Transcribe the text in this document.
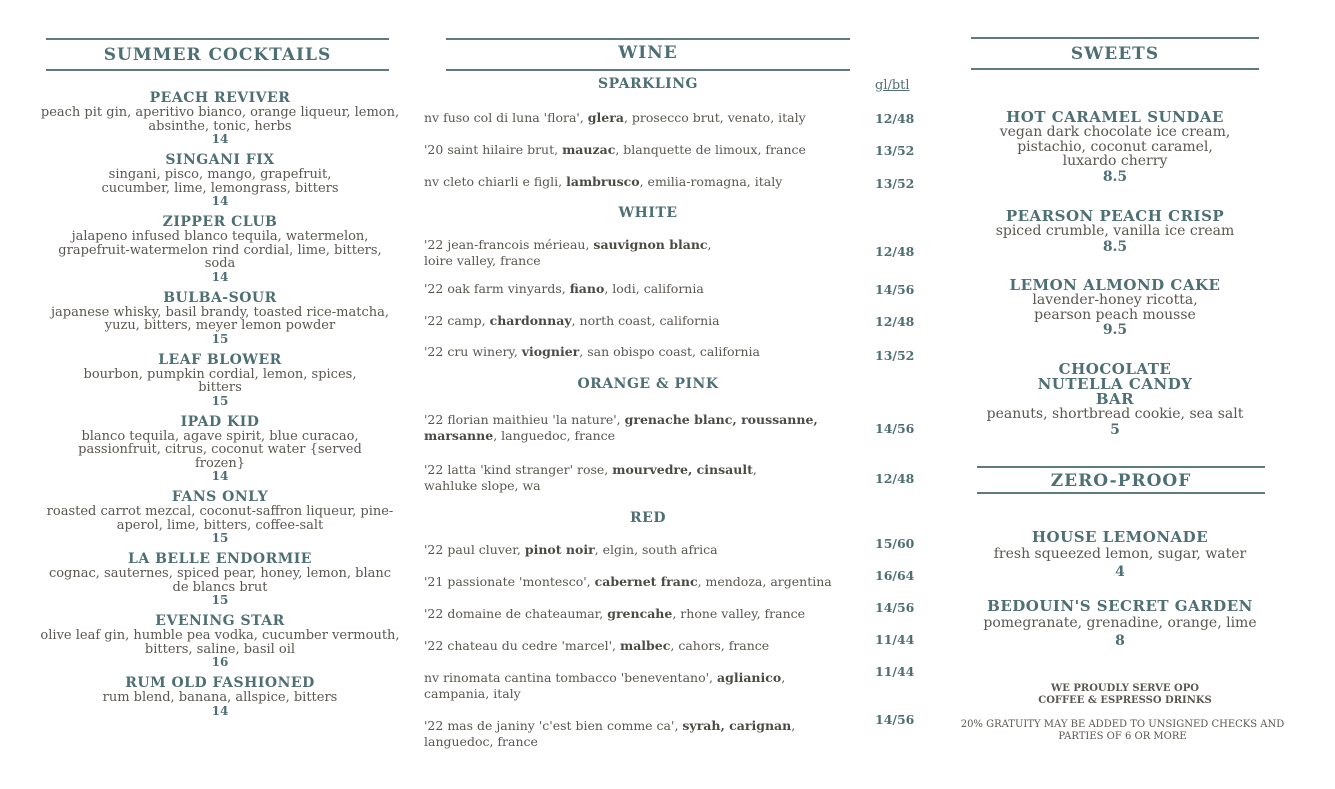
SUMMER COCKTAILS
PEACH REVIVER
peach pit gin, aperitivo bianco, orange liqueur, lemon, absinthe, tonic, herbs
14
SINGANI FIX
singani, pisco, mango, grapefruit, cucumber, lime, lemongrass, bitters
14
ZIPPER CLUB
jalapeno infused blanco tequila, watermelon, grapefruit-watermelon rind cordial, lime, bitters, soda
14
BULBA-SOUR
japanese whisky, basil brandy, toasted rice-matcha, yuzu, bitters, meyer lemon powder
15
LEAF BLOWER
bourbon, pumpkin cordial, lemon, spices, bitters
15
IPAD KID
blanco tequila, agave spirit, blue curacao, passionfruit, citrus, coconut water {served frozen}
14
FANS ONLY
roasted carrot mezcal, coconut-saffron liqueur, pine-aperol, lime, bitters, coffee-salt
15
LA BELLE ENDORMIE
cognac, sauternes, spiced pear, honey, lemon, blanc de blancs brut
15
EVENING STAR
olive leaf gin, humble pea vodka, cucumber vermouth, bitters, saline, basil oil
16
RUM OLD FASHIONED
rum blend, banana, allspice, bitters
14
WINE
gl/btl
SPARKLING
nv fuso col di luna 'flora', glera, prosecco brut, venato, italy	12/48
'20 saint hilaire brut, mauzac, blanquette de limoux, france	13/52
nv cleto chiarli e figli, lambrusco, emilia-romagna, italy	13/52
WHITE
'22 jean-francois mérieau, sauvignon blanc, loire valley, france
12/48
'22 oak farm vinyards, fiano, lodi, california	14/56
'22 camp, chardonnay, north coast, california	12/48
'22 cru winery, viognier, san obispo coast, california	13/52
ORANGE & PINK
'22 florian maithieu 'la nature', grenache blanc, roussanne, marsanne, languedoc, france	14/56
'22 latta 'kind stranger' rose, mourvedre, cinsault, wahluke slope, wa	12/48
RED
'22 paul cluver, pinot noir, elgin, south africa	15/60
'21 passionate 'montesco', cabernet franc, mendoza, argentina	16/64
'22 domaine de chateaumar, grencahe, rhone valley, france	14/56
'22 chateau du cedre 'marcel', malbec, cahors, france	11/44
nv rinomata cantina tombacco 'beneventano', aglianico, campania, italy
11/44
'22 mas de janiny 'c'est bien comme ca', syrah, carignan, languedoc, france
14/56
SWEETS
HOT CARAMEL SUNDAE
vegan dark chocolate ice cream, pistachio, coconut caramel, luxardo cherry
8.5
PEARSON PEACH CRISP
spiced crumble, vanilla ice cream
8.5
LEMON ALMOND CAKE
lavender-honey ricotta, pearson peach mousse
9.5
CHOCOLATE NUTELLA CANDY BAR
peanuts, shortbread cookie, sea salt
5
ZERO-PROOF
HOUSE LEMONADE
fresh squeezed lemon, sugar, water
4
BEDOUIN'S SECRET GARDEN
pomegranate, grenadine, orange, lime
8
WE PROUDLY SERVE OPO COFFEE & ESPRESSO DRINKS
20% GRATUITY MAY BE ADDED TO UNSIGNED CHECKS AND PARTIES OF 6 OR MORE
